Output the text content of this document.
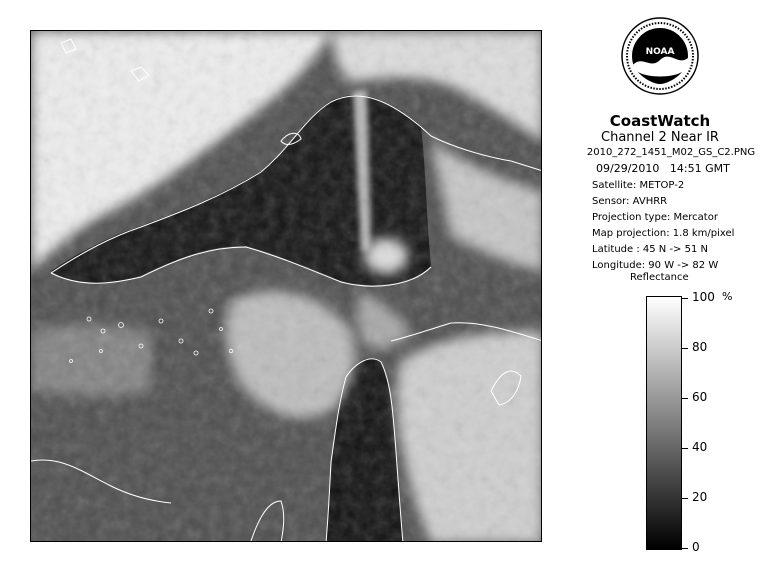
NOAA
CoastWatch
Channel 2 Near IR
2010_272_1451_M02_GS_C2.PNG
09/29/2010 14:51 GMT
Satellite: METOP-2
Sensor: AVHRR
Projection type: Mercator
Map projection: 1.8 km/pixel
Latitude : 45 N -> 51 N
Longitude: 90 W -> 82 W
Reflectance
%
100
80
60
40
20
0
